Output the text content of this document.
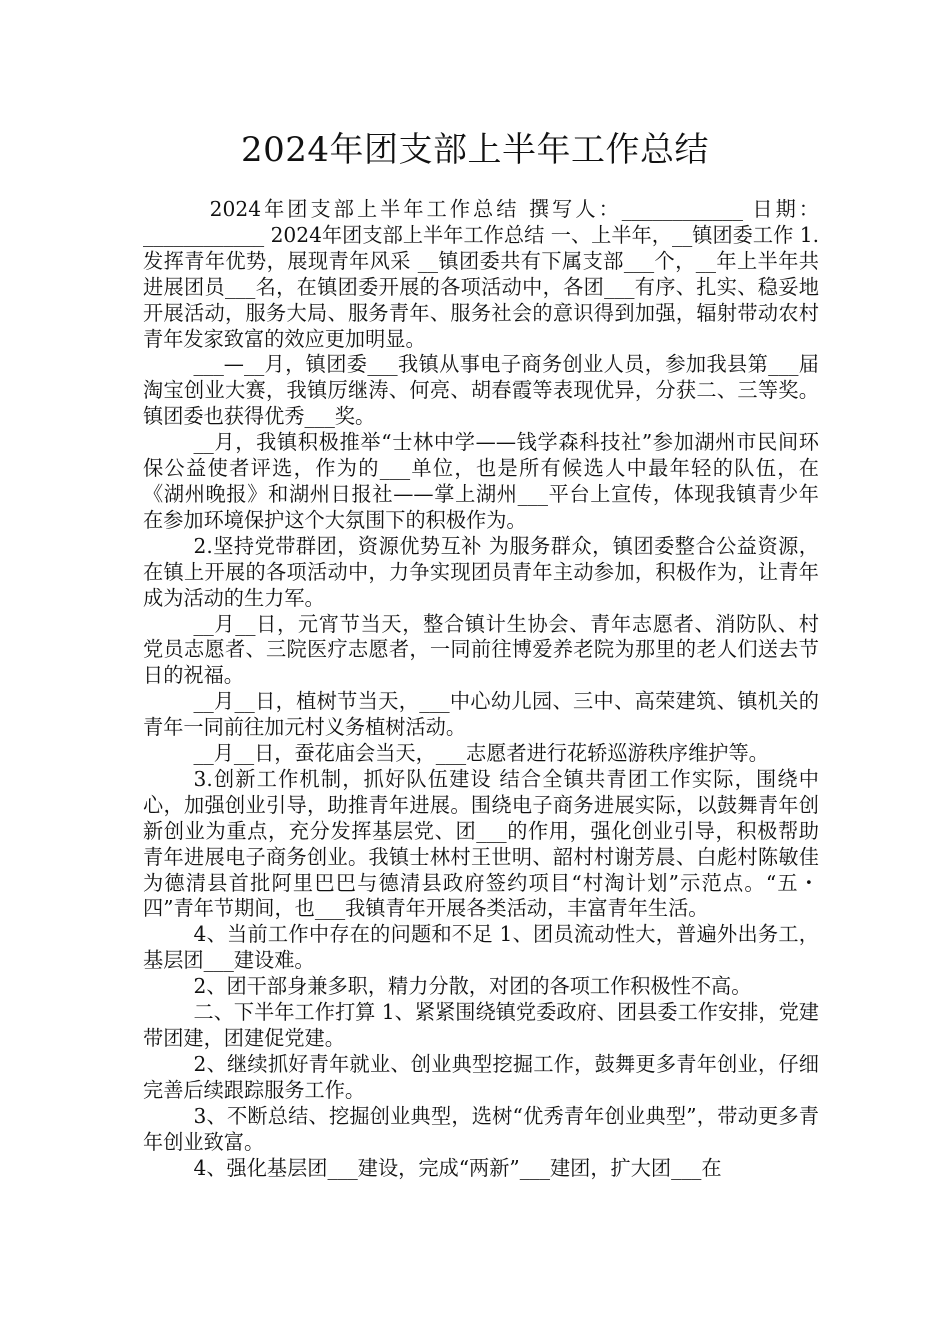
2024年团支部上半年工作总结

2024年团支部上半年工作总结 撰写人：____________ 日期：____________ 2024年团支部上半年工作总结 一、上半年，__镇团委工作 1.发挥青年优势，展现青年风采 __镇团委共有下属支部___个，__年上半年共进展团员___名，在镇团委开展的各项活动中，各团___有序、扎实、稳妥地开展活动，服务大局、服务青年、服务社会的意识得到加强，辐射带动农村青年发家致富的效应更加明显。

___—__月，镇团委___我镇从事电子商务创业人员，参加我县第___届淘宝创业大赛，我镇厉继涛、何亮、胡春霞等表现优异，分获二、三等奖。镇团委也获得优秀___奖。

__月，我镇积极推举“士林中学——钱学森科技社”参加湖州市民间环保公益使者评选，作为的___单位，也是所有候选人中最年轻的队伍，在《湖州晚报》和湖州日报社——掌上湖州___平台上宣传，体现我镇青少年在参加环境保护这个大氛围下的积极作为。

2.坚持党带群团，资源优势互补 为服务群众，镇团委整合公益资源，在镇上开展的各项活动中，力争实现团员青年主动参加，积极作为，让青年成为活动的生力军。

__月__日，元宵节当天，整合镇计生协会、青年志愿者、消防队、村党员志愿者、三院医疗志愿者，一同前往博爱养老院为那里的老人们送去节日的祝福。

__月__日，植树节当天，___中心幼儿园、三中、高荣建筑、镇机关的青年一同前往加元村义务植树活动。

__月__日，蚕花庙会当天，___志愿者进行花轿巡游秩序维护等。

3.创新工作机制，抓好队伍建设 结合全镇共青团工作实际，围绕中心，加强创业引导，助推青年进展。围绕电子商务进展实际，以鼓舞青年创新创业为重点，充分发挥基层党、团___的作用，强化创业引导，积极帮助青年进展电子商务创业。我镇士林村王世明、韶村村谢芳晨、白彪村陈敏佳为德清县首批阿里巴巴与德清县政府签约项目“村淘计划”示范点。“五・四”青年节期间，也___我镇青年开展各类活动，丰富青年生活。

4、当前工作中存在的问题和不足 1、团员流动性大，普遍外出务工，基层团___建设难。

2、团干部身兼多职，精力分散，对团的各项工作积极性不高。

二、下半年工作打算 1、紧紧围绕镇党委政府、团县委工作安排，党建带团建，团建促党建。

2、继续抓好青年就业、创业典型挖掘工作，鼓舞更多青年创业，仔细完善后续跟踪服务工作。

3、不断总结、挖掘创业典型，选树“优秀青年创业典型”，带动更多青年创业致富。

4、强化基层团___建设，完成“两新”___建团，扩大团___在
